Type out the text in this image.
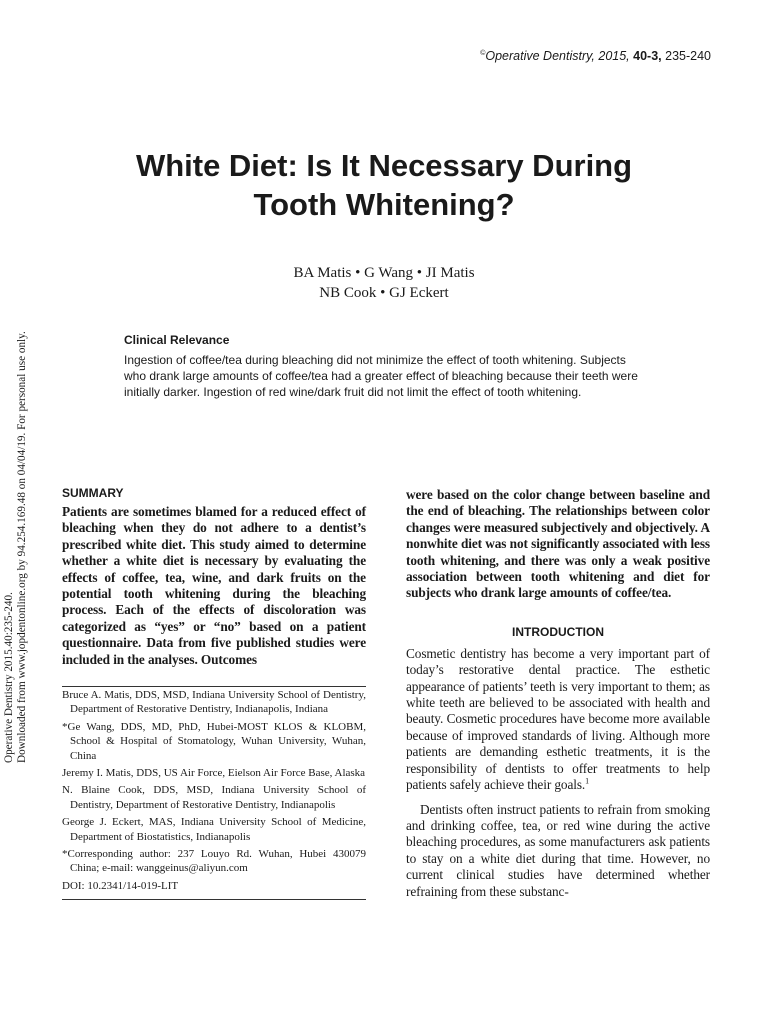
©Operative Dentistry, 2015, 40-3, 235-240
White Diet: Is It Necessary During
Tooth Whitening?
BA Matis • G Wang • JI Matis
NB Cook • GJ Eckert
Operative Dentistry 2015.40:235-240. Downloaded from www.jopdentonline.org by 94.254.169.48 on 04/04/19. For personal use only.	Clinical Relevance

Ingestion of coffee/tea during bleaching did not minimize the effect of tooth whitening. Subjects who drank large amounts of coffee/tea had a greater effect of bleaching because their teeth were initially darker. Ingestion of red wine/dark fruit did not limit the effect of tooth whitening.

SUMMARY

Patients are sometimes blamed for a reduced effect of bleaching when they do not adhere to a dentist’s prescribed white diet. This study aimed to determine whether a white diet is necessary by evaluating the effects of coffee, tea, wine, and dark fruits on the potential tooth whitening during the bleaching process. Each of the effects of discoloration was categorized as “yes” or “no” based on a patient questionnaire. Data from five published studies were included in the analyses. Outcomes

Bruce A. Matis, DDS, MSD, Indiana University School of Dentistry, Department of Restorative Dentistry, Indianapolis, Indiana

*Ge Wang, DDS, MD, PhD, Hubei-MOST KLOS & KLOBM, School & Hospital of Stomatology, Wuhan University, Wuhan, China

Jeremy I. Matis, DDS, US Air Force, Eielson Air Force Base, Alaska

N. Blaine Cook, DDS, MSD, Indiana University School of Dentistry, Department of Restorative Dentistry, Indianapolis

George J. Eckert, MAS, Indiana University School of Medicine, Department of Biostatistics, Indianapolis

*Corresponding author: 237 Louyo Rd. Wuhan, Hubei 430079 China; e-mail: wanggeinus@aliyun.com

DOI: 10.2341/14-019-LIT

were based on the color change between baseline and the end of bleaching. The relationships between color changes were measured subjectively and objectively. A nonwhite diet was not significantly associated with less tooth whitening, and there was only a weak positive association between tooth whitening and diet for subjects who drank large amounts of coffee/tea.

INTRODUCTION

Cosmetic dentistry has become a very important part of today’s restorative dental practice. The esthetic appearance of patients’ teeth is very important to them; as white teeth are believed to be associated with health and beauty. Cosmetic procedures have become more available because of improved standards of living. Although more patients are demanding esthetic treatments, it is the responsibility of dentists to offer treatments to help patients safely achieve their goals.$^1$

Dentists often instruct patients to refrain from smoking and drinking coffee, tea, or red wine during the active bleaching procedures, as some manufacturers ask patients to stay on a white diet during that time. However, no current clinical studies have determined whether refraining from these substanc-
